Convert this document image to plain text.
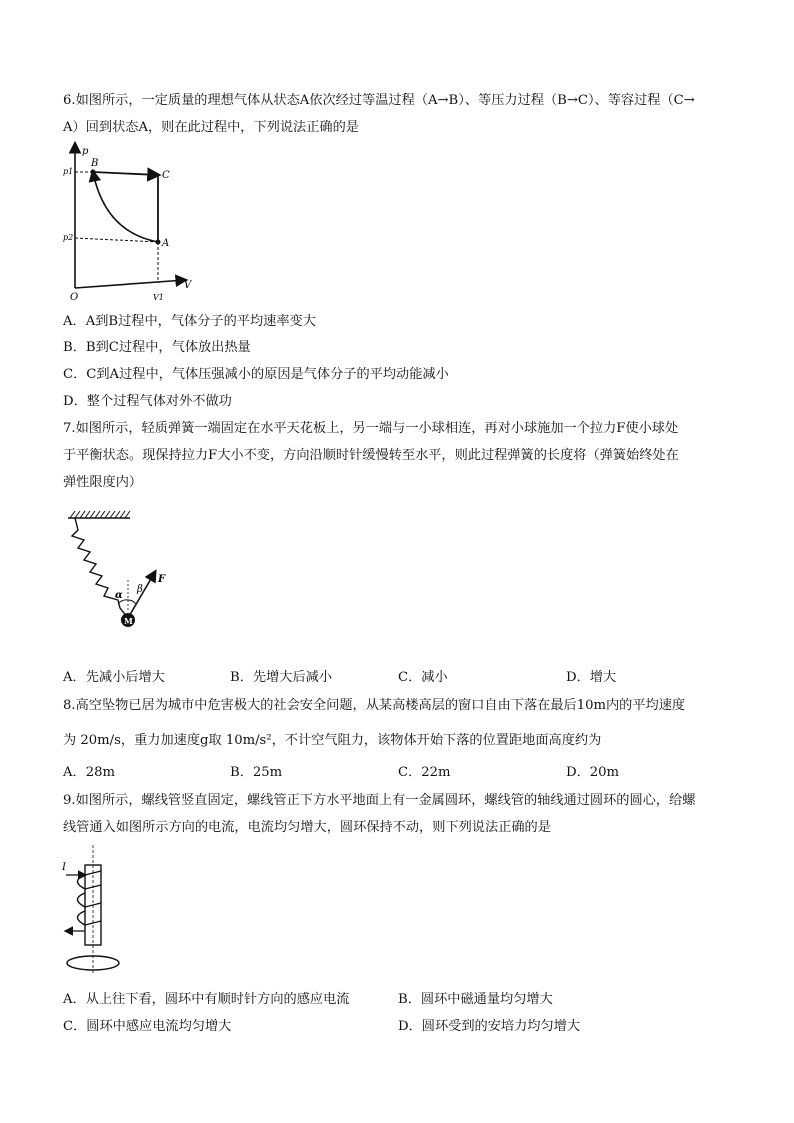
6.如图所示，一定质量的理想气体从状态A依次经过等温过程（A→B）、等压力过程（B→C）、等容过程（C→
A）回到状态A，则在此过程中，下列说法正确的是
p
V
O
p1
p2
V1
B
C
A
A．A到B过程中，气体分子的平均速率变大
B．B到C过程中，气体放出热量
C．C到A过程中，气体压强减小的原因是气体分子的平均动能减小
D．整个过程气体对外不做功
7.如图所示，轻质弹簧一端固定在水平天花板上，另一端与一小球相连，再对小球施加一个拉力F使小球处
于平衡状态。现保持拉力F大小不变，方向沿顺时针缓慢转至水平，则此过程弹簧的长度将（弹簧始终处在
弹性限度内）
M
α
β
F
A．先减小后增大	B．先增大后减小	C．减小	D．增大
8.高空坠物已居为城市中危害极大的社会安全问题，从某高楼高层的窗口自由下落在最后10m内的平均速度
为 20m/s，重力加速度g取 10m/s²，不计空气阻力，该物体开始下落的位置距地面高度约为
A．28m	B．25m	C．22m	D．20m
9.如图所示，螺线管竖直固定，螺线管正下方水平地面上有一金属圆环，螺线管的轴线通过圆环的圆心，给螺
线管通入如图所示方向的电流，电流均匀增大，圆环保持不动，则下列说法正确的是
I
A．从上往下看，圆环中有顺时针方向的感应电流	B．圆环中磁通量均匀增大
C．圆环中感应电流均匀增大	D．圆环受到的安培力均匀增大
